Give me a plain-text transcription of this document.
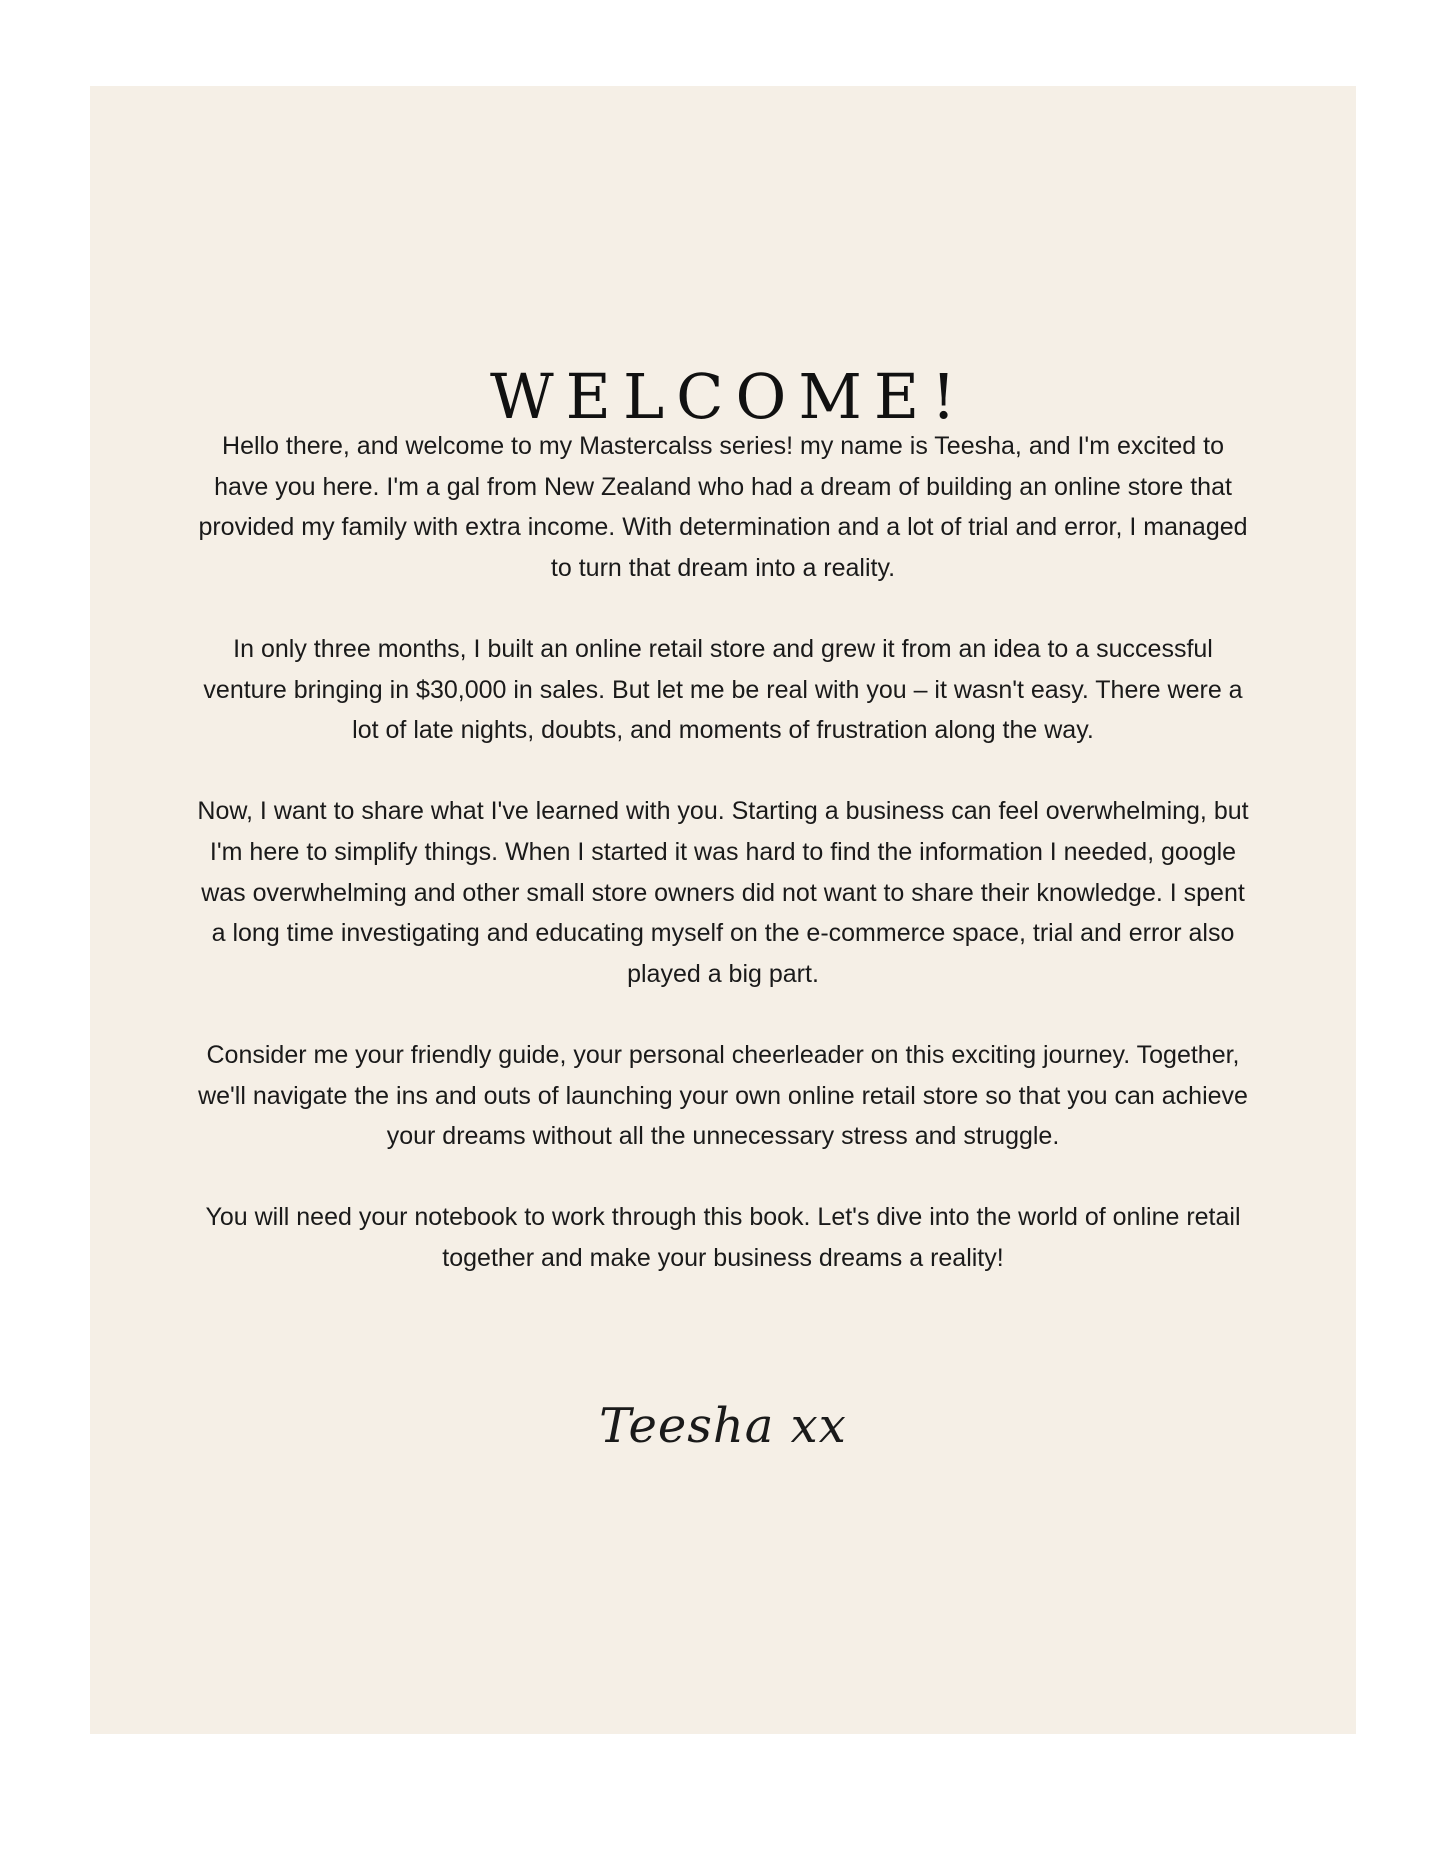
WELCOME!

Hello there, and welcome to my Mastercalss series! my name is Teesha, and I'm excited to have you here. I'm a gal from New Zealand who had a dream of building an online store that provided my family with extra income. With determination and a lot of trial and error, I managed to turn that dream into a reality.

In only three months, I built an online retail store and grew it from an idea to a successful venture bringing in $30,000 in sales. But let me be real with you – it wasn't easy. There were a lot of late nights, doubts, and moments of frustration along the way.

Now, I want to share what I've learned with you. Starting a business can feel overwhelming, but I'm here to simplify things. When I started it was hard to find the information I needed, google was overwhelming and other small store owners did not want to share their knowledge. I spent a long time investigating and educating myself on the e-commerce space, trial and error also played a big part.

Consider me your friendly guide, your personal cheerleader on this exciting journey. Together, we'll navigate the ins and outs of launching your own online retail store so that you can achieve your dreams without all the unnecessary stress and struggle.

You will need your notebook to work through this book. Let's dive into the world of online retail together and make your business dreams a reality!

Teesha xx
